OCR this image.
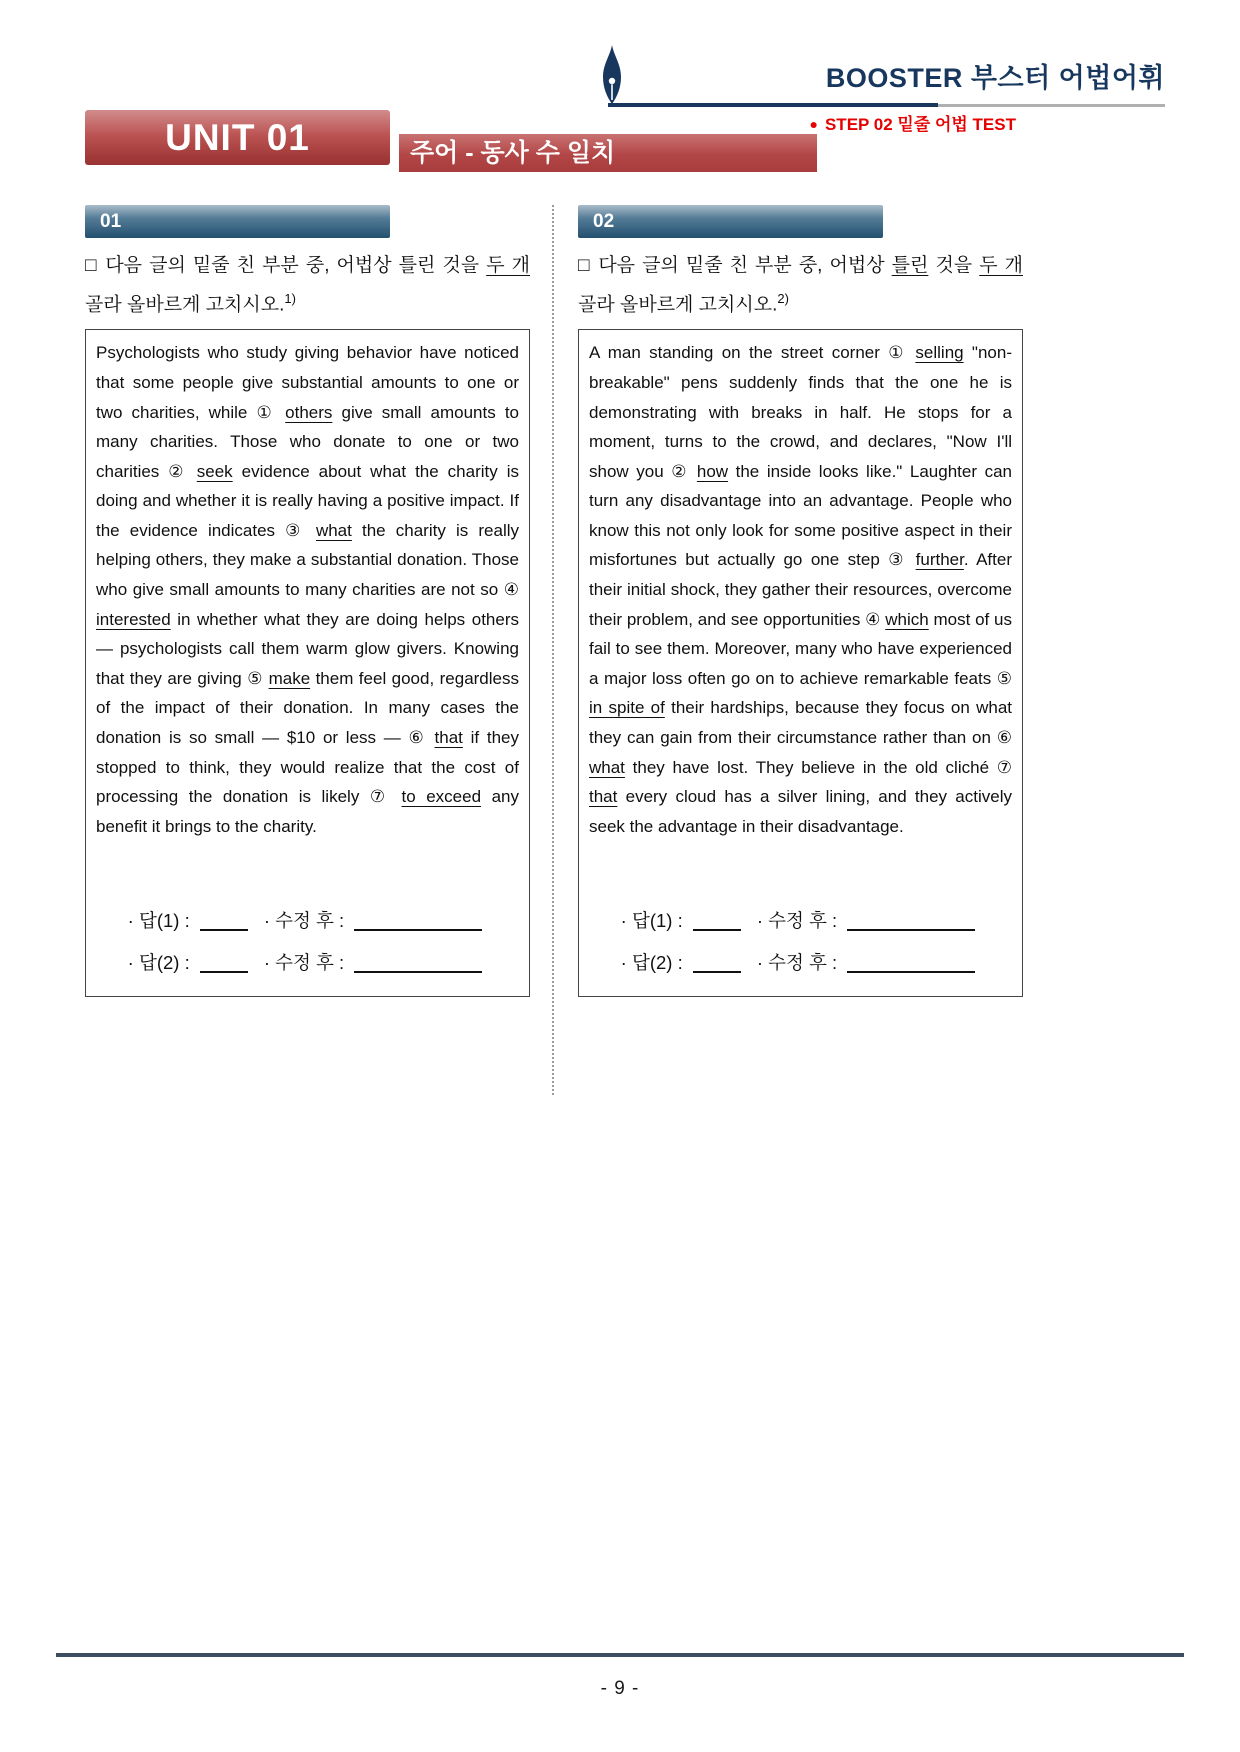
BOOSTER 부스터 어법어휘
● STEP 02 밑줄 어법 TEST
UNIT 01	주어 - 동사 수 일치
01

□ 다음 글의 밑줄 친 부분 중, 어법상 틀린 것을 두 개 골라 올바르게 고치시오.$^{1)}$

Psychologists who study giving behavior have noticed that some people give substantial amounts to one or two charities, while ① others give small amounts to many charities. Those who donate to one or two charities ② seek evidence about what the charity is doing and whether it is really having a positive impact. If the evidence indicates ③ what the charity is really helping others, they make a substantial donation. Those who give small amounts to many charities are not so ④ interested in whether what they are doing helps others — psychologists call them warm glow givers. Knowing that they are giving ⑤ make them feel good, regardless of the impact of their donation. In many cases the donation is so small — $10 or less — ⑥ that if they stopped to think, they would realize that the cost of processing the donation is likely ⑦ to exceed any benefit it brings to the charity.

· 답(1) :	· 수정 후 :
· 답(2) :	· 수정 후 :
02

□ 다음 글의 밑줄 친 부분 중, 어법상 틀린 것을 두 개 골라 올바르게 고치시오.$^{2)}$

A man standing on the street corner ① selling "non-breakable" pens suddenly finds that the one he is demonstrating with breaks in half. He stops for a moment, turns to the crowd, and declares, "Now I'll show you ② how the inside looks like." Laughter can turn any disadvantage into an advantage. People who know this not only look for some positive aspect in their misfortunes but actually go one step ③ further. After their initial shock, they gather their resources, overcome their problem, and see opportunities ④ which most of us fail to see them. Moreover, many who have experienced a major loss often go on to achieve remarkable feats ⑤ in spite of their hardships, because they focus on what they can gain from their circumstance rather than on ⑥ what they have lost. They believe in the old cliché ⑦ that every cloud has a silver lining, and they actively seek the advantage in their disadvantage.

· 답(1) :	· 수정 후 :
· 답(2) :	· 수정 후 :
- 9 -
